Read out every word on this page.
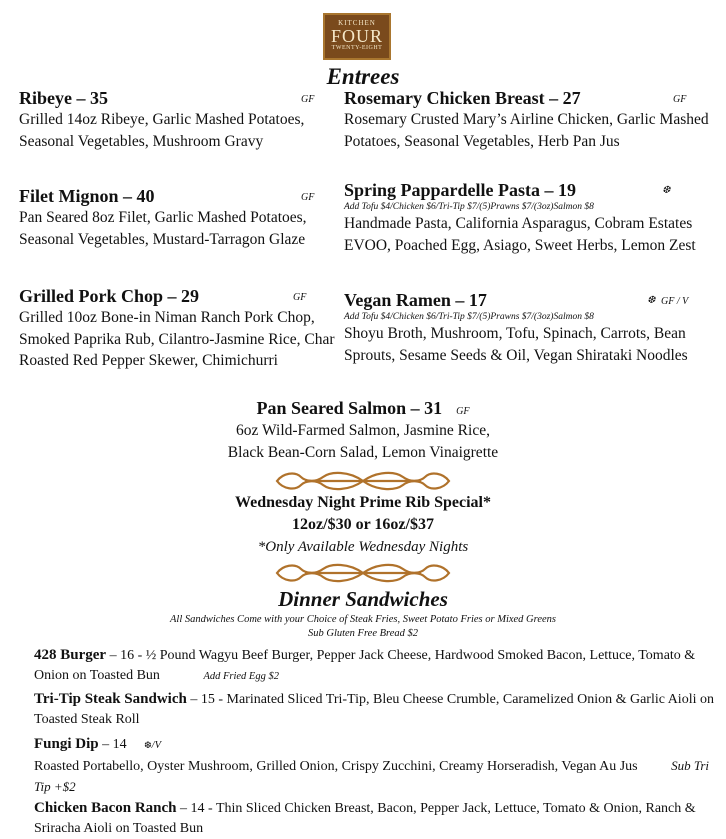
KITCHEN
FOUR
TWENTY-EIGHT
Entrees
Ribeye – 35	GF
Grilled 14oz Ribeye, Garlic Mashed Potatoes, Seasonal Vegetables, Mushroom Gravy
Filet Mignon – 40	GF
Pan Seared 8oz Filet, Garlic Mashed Potatoes, Seasonal Vegetables, Mustard-Tarragon Glaze
Grilled Pork Chop – 29	GF
Grilled 10oz Bone-in Niman Ranch Pork Chop, Smoked Paprika Rub, Cilantro-Jasmine Rice, Char Roasted Red Pepper Skewer, Chimichurri
Rosemary Chicken Breast – 27	GF
Rosemary Crusted Mary’s Airline Chicken, Garlic Mashed Potatoes, Seasonal Vegetables, Herb Pan Jus
Spring Pappardelle Pasta – 19	❆
Add Tofu $4/Chicken $6/Tri-Tip $7/(5)Prawns $7/(3oz)Salmon $8
Handmade Pasta, California Asparagus, Cobram Estates EVOO, Poached Egg, Asiago, Sweet Herbs, Lemon Zest
Vegan Ramen – 17	❆ GF / V
Add Tofu $4/Chicken $6/Tri-Tip $7/(5)Prawns $7/(3oz)Salmon $8
Shoyu Broth, Mushroom, Tofu, Spinach, Carrots, Bean Sprouts, Sesame Seeds & Oil, Vegan Shirataki Noodles
Pan Seared Salmon – 31 GF
6oz Wild-Farmed Salmon, Jasmine Rice,
Black Bean-Corn Salad, Lemon Vinaigrette
Wednesday Night Prime Rib Special*
12oz/$30 or 16oz/$37
*Only Available Wednesday Nights
Dinner Sandwiches
All Sandwiches Come with your Choice of Steak Fries, Sweet Potato Fries or Mixed Greens
Sub Gluten Free Bread $2
428 Burger – 16 - ½ Pound Wagyu Beef Burger, Pepper Jack Cheese, Hardwood Smoked Bacon, Lettuce, Tomato & Onion on Toasted Bun	Add Fried Egg $2
Tri-Tip Steak Sandwich – 15 - Marinated Sliced Tri-Tip, Bleu Cheese Crumble, Caramelized Onion & Garlic Aioli on Toasted Steak Roll
Fungi Dip – 14 ❆/V
Roasted Portabello, Oyster Mushroom, Grilled Onion, Crispy Zucchini, Creamy Horseradish, Vegan Au Jus	Sub Tri Tip +$2
Chicken Bacon Ranch – 14 - Thin Sliced Chicken Breast, Bacon, Pepper Jack, Lettuce, Tomato & Onion, Ranch & Sriracha Aioli on Toasted Bun
